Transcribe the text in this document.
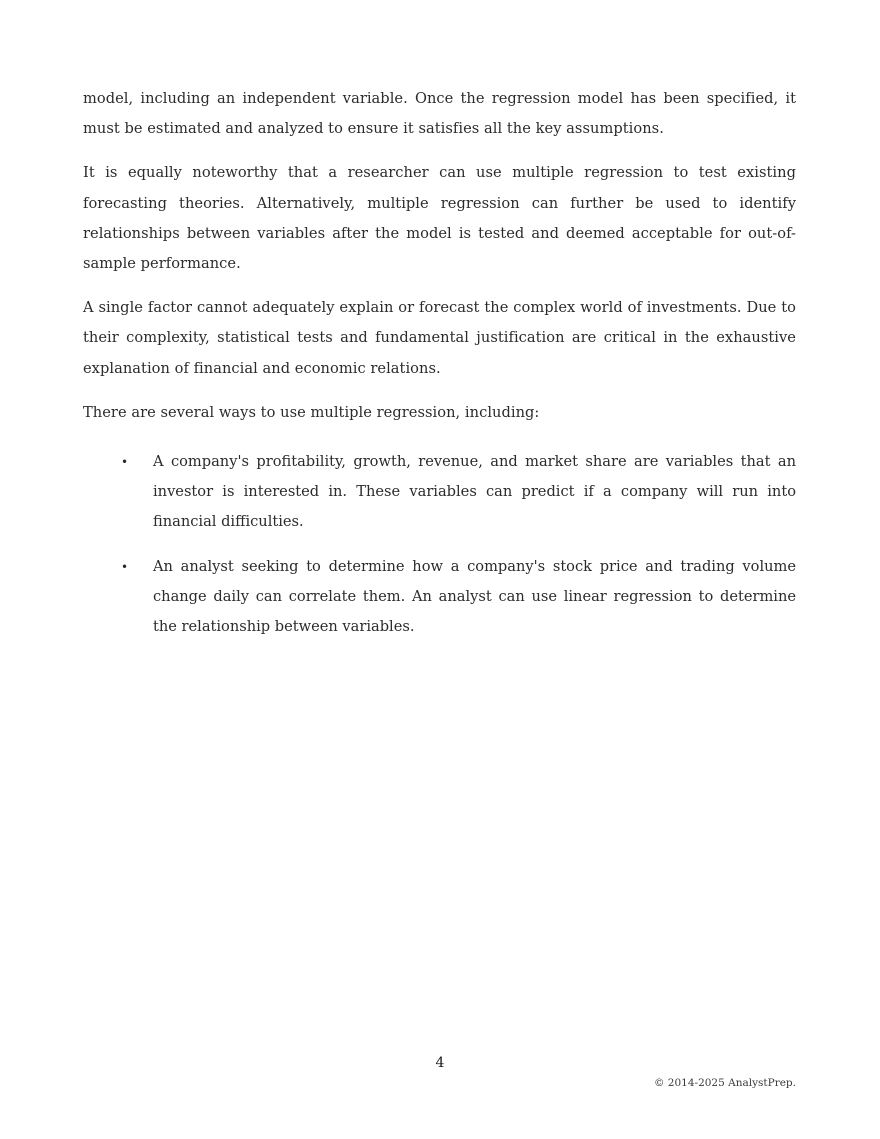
model, including an independent variable. Once the regression model has been specified, it must be estimated and analyzed to ensure it satisfies all the key assumptions.

It is equally noteworthy that a researcher can use multiple regression to test existing forecasting theories. Alternatively, multiple regression can further be used to identify relationships between variables after the model is tested and deemed acceptable for out-of-sample performance.

A single factor cannot adequately explain or forecast the complex world of investments. Due to their complexity, statistical tests and fundamental justification are critical in the exhaustive explanation of financial and economic relations.

There are several ways to use multiple regression, including:

• A company's profitability, growth, revenue, and market share are variables that an investor is interested in. These variables can predict if a company will run into financial difficulties.
• An analyst seeking to determine how a company's stock price and trading volume change daily can correlate them. An analyst can use linear regression to determine the relationship between variables.
4
© 2014-2025 AnalystPrep.
